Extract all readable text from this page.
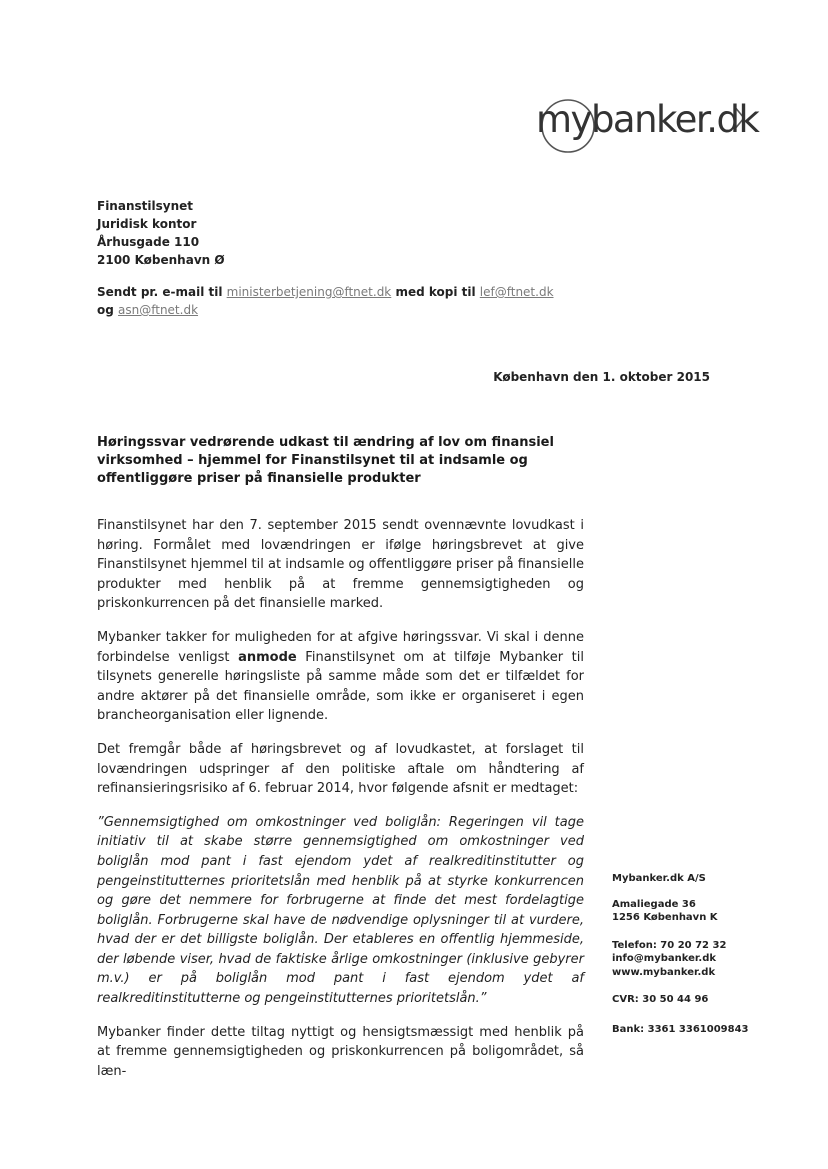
mybanker.dk
Finanstilsynet
Juridisk kontor
Århusgade 110
2100 København Ø
Sendt pr. e-mail til ministerbetjening@ftnet.dk med kopi til lef@ftnet.dk
og asn@ftnet.dk
København den 1. oktober 2015
Høringssvar vedrørende udkast til ændring af lov om finansiel virksomhed – hjemmel for Finanstilsynet til at indsamle og offentliggøre priser på finansielle produkter

Finanstilsynet har den 7. september 2015 sendt ovennævnte lovudkast i høring. Formålet med lovændringen er ifølge høringsbrevet at give Finanstilsynet hjemmel til at indsamle og offentliggøre priser på finansielle produkter med henblik på at fremme gennemsigtigheden og priskonkurrencen på det finansielle marked.

Mybanker takker for muligheden for at afgive høringssvar. Vi skal i denne forbindelse venligst anmode Finanstilsynet om at tilføje Mybanker til tilsynets generelle høringsliste på samme måde som det er tilfældet for andre aktører på det finansielle område, som ikke er organiseret i egen brancheorganisation eller lignende.

Det fremgår både af høringsbrevet og af lovudkastet, at forslaget til lovændringen udspringer af den politiske aftale om håndtering af refinansieringsrisiko af 6. februar 2014, hvor følgende afsnit er medtaget:

”Gennemsigtighed om omkostninger ved boliglån: Regeringen vil tage initiativ til at skabe større gennemsigtighed om omkostninger ved boliglån mod pant i fast ejendom ydet af realkreditinstitutter og pengeinstitutternes prioritetslån med henblik på at styrke konkurrencen og gøre det nemmere for forbrugerne at finde det mest fordelagtige boliglån. Forbrugerne skal have de nødvendige oplysninger til at vurdere, hvad der er det billigste boliglån. Der etableres en offentlig hjemmeside, der løbende viser, hvad de faktiske årlige omkostninger (inklusive gebyrer m.v.) er på boliglån mod pant i fast ejendom ydet af realkreditinstitutterne og pengeinstitutternes prioritetslån.”

Mybanker finder dette tiltag nyttigt og hensigtsmæssigt med henblik på at fremme gennemsigtigheden og priskonkurrencen på boligområdet, så læn-

Mybanker.dk A/S
Amaliegade 36
1256 København K
Telefon: 70 20 72 32
info@mybanker.dk
www.mybanker.dk
CVR: 30 50 44 96
Bank: 3361 3361009843
